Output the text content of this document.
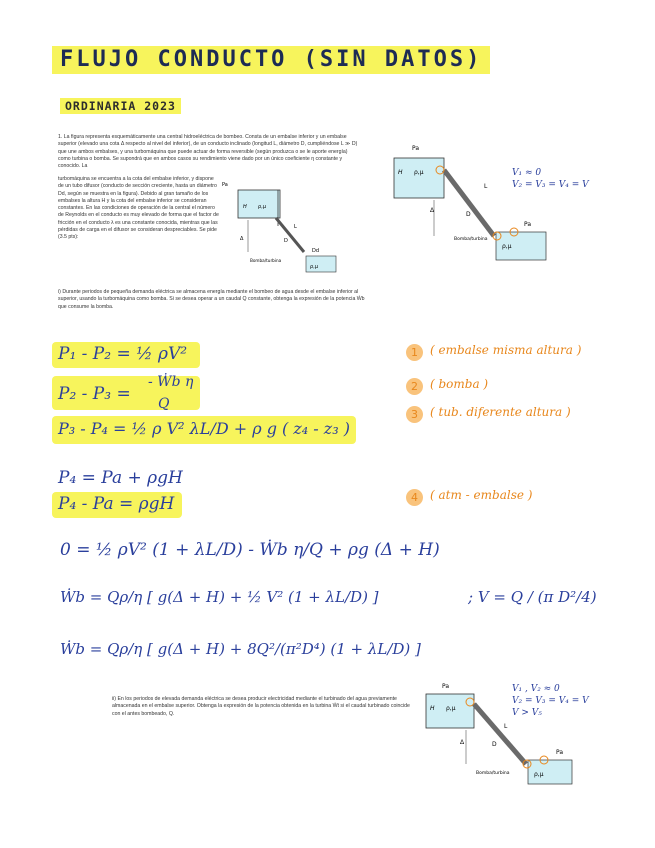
FLUJO CONDUCTO (SIN DATOS)
ORDINARIA 2023
1. La figura representa esquemáticamente una central hidroeléctrica de bombeo. Consta de un embalse inferior y un embalse superior (elevado una cota Δ respecto al nivel del inferior), de un conducto inclinado (longitud L, diámetro D, cumpliéndose L ≫ D) que une ambos embalses, y una turbomáquina que puede actuar de forma reversible (según produzca o se le aporte energía) como turbina o bomba. Se supondrá que en ambos casos su rendimiento viene dado por un único coeficiente η constante y conocido. La
turbomáquina se encuentra a la cota del embalse inferior, y dispone de un tubo difusor (conducto de sección creciente, hasta un diámetro Dd, según se muestra en la figura). Debido al gran tamaño de los embalses la altura H y la cota del embalse inferior se consideran constantes. En las condiciones de operación de la central el número de Reynolds en el conducto es muy elevado de forma que el factor de fricción en el conducto λ es una constante conocida, mientras que las pérdidas de carga en el difusor se consideran despreciables. Se pide (3.5 pts):
i) Durante periodos de pequeña demanda eléctrica se almacena energía mediante el bombeo de agua desde el embalse inferior al superior, usando la turbomáquina como bomba. Si se desea operar a un caudal Q constante, obtenga la expresión de la potencia Ẇb que consume la bomba.
Pa
H ρ,μ
L
D
Δ
ρ,μ
Dd
Bomba/turbina
Pa
H ρ,μ
L
D
Δ
ρ,μ
Pa
Bomba/turbina
V₁ ≈ 0
V₂ = V₃ = V₄ = V
P₁ - P₂ = ½ ρV²
P₂ - P₃ =
- Ẇb η
Q
P₃ - P₄ = ½ ρ V² λL/D + ρ g ( z₄ - z₃ )
P₄ = Pa + ρgH
P₄ - Pa = ρgH
1	( embalse misma altura )
2	( bomba )
3	( tub. diferente altura )
4	( atm - embalse )
0 = ½ ρV² (1 + λL/D) - Ẇb η/Q + ρg (Δ + H)
Ẇb = Qρ/η [ g(Δ + H) + ½ V² (1 + λL/D) ]	; V = Q / (π D²/4)
Ẇb = Qρ/η [ g(Δ + H) + 8Q²/(π²D⁴) (1 + λL/D) ]
ii) En los periodos de elevada demanda eléctrica se desea producir electricidad mediante el turbinado del agua previamente almacenada en el embalse superior. Obtenga la expresión de la potencia obtenida en la turbina Ẇt si el caudal turbinado coincide con el antes bombeado, Q.
Pa
H ρ,μ
L
D
Δ
ρ,μ
Pa
Bomba/turbina
V₁ , V₂ ≈ 0
V₂ = V₃ = V₄ = V
V > V₅
